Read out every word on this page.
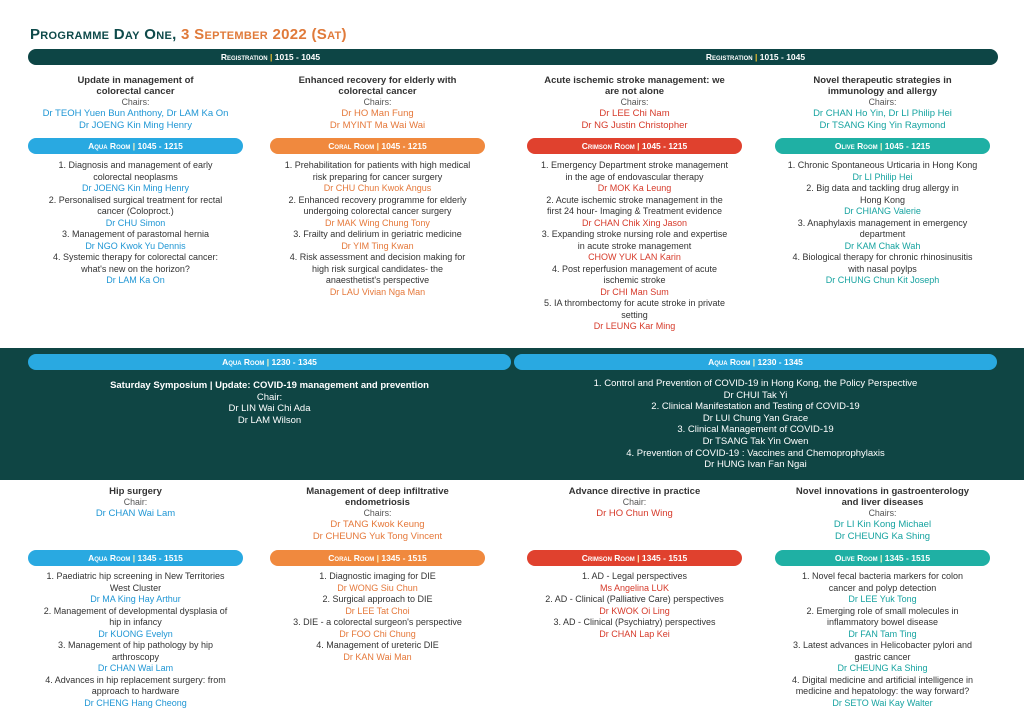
Programme Day One, 3 September 2022 (Sat)
Registration | 1015 - 1045	Registration | 1015 - 1045
Update in management of
colorectal cancer
Chairs:
Dr TEOH Yuen Bun Anthony, Dr LAM Ka On
Dr JOENG Kin Ming Henry
Aqua Room | 1045 - 1215
1. Diagnosis and management of early
colorectal neoplasms
Dr JOENG Kin Ming Henry
2. Personalised surgical treatment for rectal
cancer (Coloproct.)
Dr CHU Simon
3. Management of parastomal hernia
Dr NGO Kwok Yu Dennis
4. Systemic therapy for colorectal cancer:
what's new on the horizon?
Dr LAM Ka On
Enhanced recovery for elderly with
colorectal cancer
Chairs:
Dr HO Man Fung
Dr MYINT Ma Wai Wai
Coral Room | 1045 - 1215
1. Prehabilitation for patients with high medical
risk preparing for cancer surgery
Dr CHU Chun Kwok Angus
2. Enhanced recovery programme for elderly
undergoing colorectal cancer surgery
Dr MAK Wing Chung Tony
3. Frailty and delirium in geriatric medicine
Dr YIM Ting Kwan
4. Risk assessment and decision making for
high risk surgical candidates- the
anaesthetist's perspective
Dr LAU Vivian Nga Man
Acute ischemic stroke management: we
are not alone
Chairs:
Dr LEE Chi Nam
Dr NG Justin Christopher
Crimson Room | 1045 - 1215
1. Emergency Department stroke management
in the age of endovascular therapy
Dr MOK Ka Leung
2. Acute ischemic stroke management in the
first 24 hour- Imaging & Treatment evidence
Dr CHAN Chik Xing Jason
3. Expanding stroke nursing role and expertise
in acute stroke management
CHOW YUK LAN Karin
4. Post reperfusion management of acute
ischemic stroke
Dr CHI Man Sum
5. IA thrombectomy for acute stroke in private
setting
Dr LEUNG Kar Ming
Novel therapeutic strategies in
immunology and allergy
Chairs:
Dr CHAN Ho Yin, Dr LI Philip Hei
Dr TSANG King Yin Raymond
Olive Room | 1045 - 1215
1. Chronic Spontaneous Urticaria in Hong Kong
Dr LI Philip Hei
2. Big data and tackling drug allergy in
Hong Kong
Dr CHIANG Valerie
3. Anaphylaxis management in emergency
department
Dr KAM Chak Wah
4. Biological therapy for chronic rhinosinusitis
with nasal poylps
Dr CHUNG Chun Kit Joseph
Aqua Room | 1230 - 1345	Aqua Room | 1230 - 1345
Saturday Symposium | Update: COVID-19 management and prevention
Chair:
Dr LIN Wai Chi Ada
Dr LAM Wilson
1. Control and Prevention of COVID-19 in Hong Kong, the Policy Perspective
Dr CHUI Tak Yi
2. Clinical Manifestation and Testing of COVID-19
Dr LUI Chung Yan Grace
3. Clinical Management of COVID-19
Dr TSANG Tak Yin Owen
4. Prevention of COVID-19 : Vaccines and Chemoprophylaxis
Dr HUNG Ivan Fan Ngai
Hip surgery
Chair:
Dr CHAN Wai Lam
Aqua Room | 1345 - 1515
1. Paediatric hip screening in New Territories
West Cluster
Dr MA King Hay Arthur
2. Management of developmental dysplasia of
hip in infancy
Dr KUONG Evelyn
3. Management of hip pathology by hip
arthroscopy
Dr CHAN Wai Lam
4. Advances in hip replacement surgery: from
approach to hardware
Dr CHENG Hang Cheong
Management of deep infiltrative
endometriosis
Chairs:
Dr TANG Kwok Keung
Dr CHEUNG Yuk Tong Vincent
Coral Room | 1345 - 1515
1. Diagnostic imaging for DIE
Dr WONG Siu Chun
2. Surgical approach to DIE
Dr LEE Tat Choi
3. DIE - a colorectal surgeon's perspective
Dr FOO Chi Chung
4. Management of ureteric DIE
Dr KAN Wai Man
Advance directive in practice
Chair:
Dr HO Chun Wing
Crimson Room | 1345 - 1515
1. AD - Legal perspectives
Ms Angelina LUK
2. AD - Clinical (Palliative Care) perspectives
Dr KWOK Oi Ling
3. AD - Clinical (Psychiatry) perspectives
Dr CHAN Lap Kei
Novel innovations in gastroenterology
and liver diseases
Chairs:
Dr LI Kin Kong Michael
Dr CHEUNG Ka Shing
Olive Room | 1345 - 1515
1. Novel fecal bacteria markers for colon
cancer and polyp detection
Dr LEE Yuk Tong
2. Emerging role of small molecules in
inflammatory bowel disease
Dr FAN Tam Ting
3. Latest advances in Helicobacter pylori and
gastric cancer
Dr CHEUNG Ka Shing
4. Digital medicine and artificial intelligence in
medicine and hepatology: the way forward?
Dr SETO Wai Kay Walter
